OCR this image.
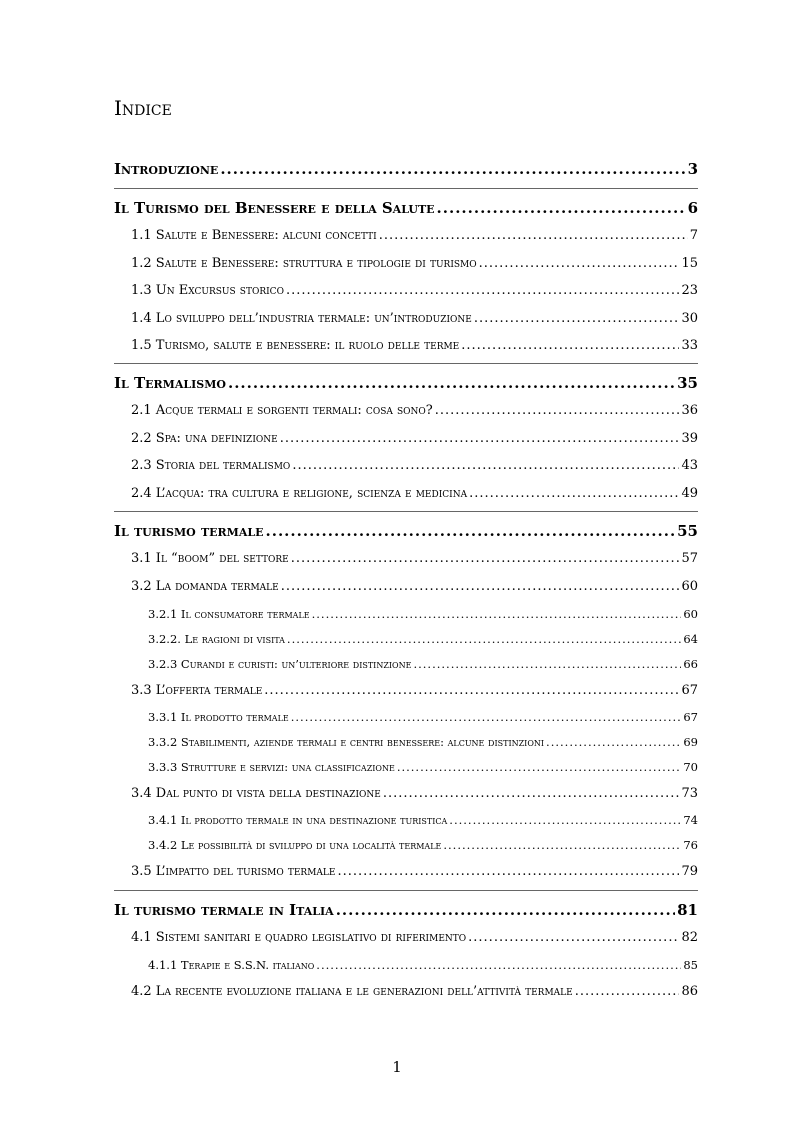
Indice
Introduzione .....	3
Il Turismo del Benessere e della Salute .....	6
1.1 Salute e Benessere: alcuni concetti .....	7
1.2 Salute e Benessere: struttura e tipologie di turismo .....	15
1.3 Un Excursus storico .....	23
1.4 Lo sviluppo dell’industria termale: un’introduzione .....	30
1.5 Turismo, salute e benessere: il ruolo delle terme .....	33
Il Termalismo .....	35
2.1 Acque termali e sorgenti termali: cosa sono? .....	36
2.2 Spa: una definizione .....	39
2.3 Storia del termalismo .....	43
2.4 L’acqua: tra cultura e religione, scienza e medicina .....	49
Il turismo termale .....	55
3.1 Il “boom” del settore .....	57
3.2 La domanda termale .....	60
3.2.1 Il consumatore termale .....	60
3.2.2. Le ragioni di visita .....	64
3.2.3 Curandi e curisti: un’ulteriore distinzione .....	66
3.3 L’offerta termale .....	67
3.3.1 Il prodotto termale .....	67
3.3.2 Stabilimenti, aziende termali e centri benessere: alcune distinzioni .....	69
3.3.3 Strutture e servizi: una classificazione .....	70
3.4 Dal punto di vista della destinazione .....	73
3.4.1 Il prodotto termale in una destinazione turistica .....	74
3.4.2 Le possibilità di sviluppo di una località termale .....	76
3.5 L’impatto del turismo termale .....	79
Il turismo termale in Italia .....	81
4.1 Sistemi sanitari e quadro legislativo di riferimento .....	82
4.1.1 Terapie e S.S.N. italiano .....	85
4.2 La recente evoluzione italiana e le generazioni dell’attività termale .....	86
1
